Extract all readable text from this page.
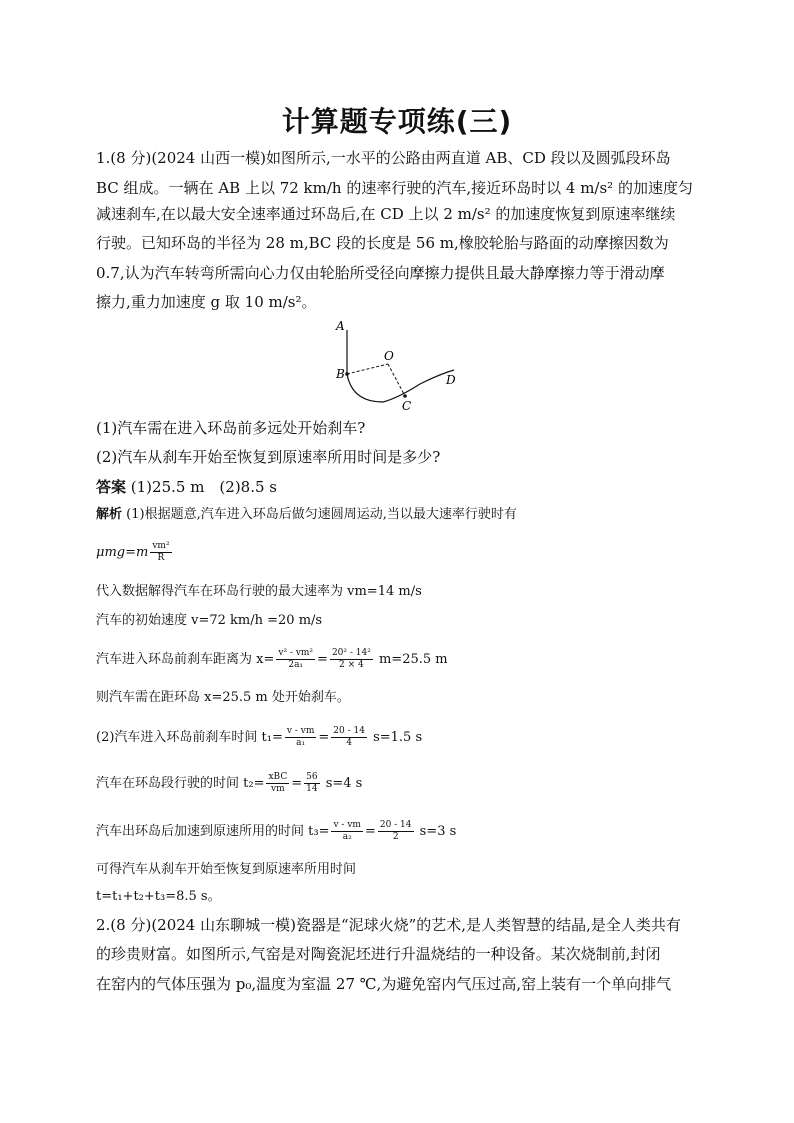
计算题专项练(三)
1.(8 分)(2024 山西一模)如图所示,一水平的公路由两直道 AB、CD 段以及圆弧段环岛
BC 组成。一辆在 AB 上以 72 km/h 的速率行驶的汽车,接近环岛时以 4 m/s² 的加速度匀
减速刹车,在以最大安全速率通过环岛后,在 CD 上以 2 m/s² 的加速度恢复到原速率继续
行驶。已知环岛的半径为 28 m,BC 段的长度是 56 m,橡胶轮胎与路面的动摩擦因数为
0.7,认为汽车转弯所需向心力仅由轮胎所受径向摩擦力提供且最大静摩擦力等于滑动摩
擦力,重力加速度 g 取 10 m/s²。
A
B
O
C
D
(1)汽车需在进入环岛前多远处开始刹车?
(2)汽车从刹车开始至恢复到原速率所用时间是多少?
答案 (1)25.5 m　(2)8.5 s
解析 (1)根据题意,汽车进入环岛后做匀速圆周运动,当以最大速率行驶时有
$\mu mg=m \frac{\text{vm²}}{R}$
代入数据解得汽车在环岛行驶的最大速率为 vm=14 m/s
汽车的初始速度 v=72 km/h =20 m/s
汽车进入环岛前刹车距离为 $x= \frac{\text{v² - vm²}}{\text{2a₁}} = \frac{\text{20² - 14²}}{2 \times 4} m=25.5$ m
则汽车需在距环岛 x=25.5 m 处开始刹车。
(2)汽车进入环岛前刹车时间 $t_1= \frac{v - vm}{\text{a₁}} = \frac{20 - 14}{4} s=1.5$ s
汽车在环岛段行驶的时间 $t_2= \frac{\text{xBC}}{vm} = \frac{56}{14} s=4$ s
汽车出环岛后加速到原速所用的时间 $t_3= \frac{v - vm}{\text{a₂}} = \frac{20 - 14}{2} s=3$ s
可得汽车从刹车开始至恢复到原速率所用时间
t=t₁+t₂+t₃=8.5 s。
2.(8 分)(2024 山东聊城一模)瓷器是“泥球火烧”的艺术,是人类智慧的结晶,是全人类共有
的珍贵财富。如图所示,气窑是对陶瓷泥坯进行升温烧结的一种设备。某次烧制前,封闭
在窑内的气体压强为 p₀,温度为室温 27 ℃,为避免窑内气压过高,窑上装有一个单向排气
